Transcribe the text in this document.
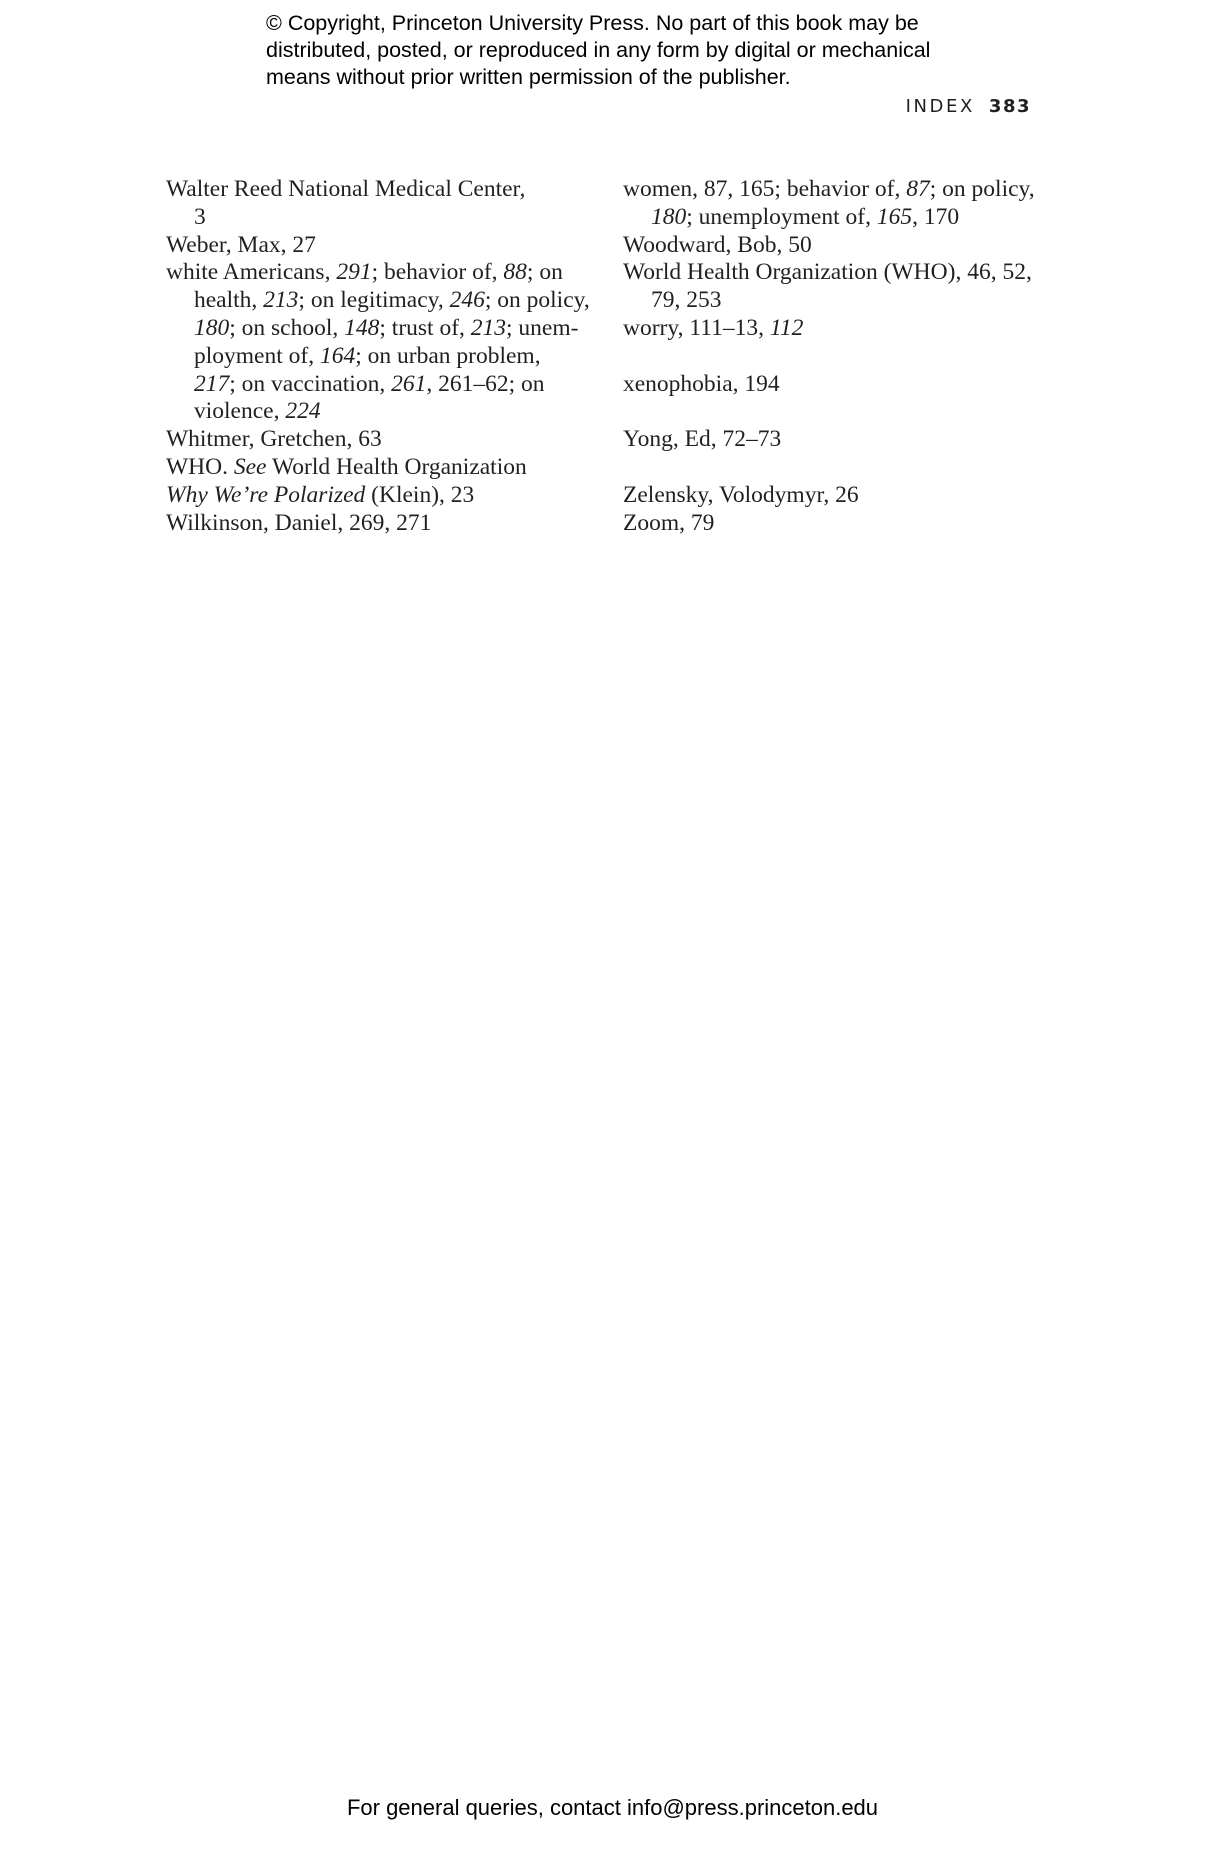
© Copyright, Princeton University Press. No part of this book may be
distributed, posted, or reproduced in any form by digital or mechanical
means without prior written permission of the publisher.
INDEX 383
Walter Reed National Medical Center,
3
Weber, Max, 27
white Americans, 291; behavior of, 88; on
health, 213; on legitimacy, 246; on policy,
180; on school, 148; trust of, 213; unem-
ployment of, 164; on urban problem,
217; on vaccination, 261, 261–62; on
violence, 224
Whitmer, Gretchen, 63
WHO. See World Health Organization
Why We’re Polarized (Klein), 23
Wilkinson, Daniel, 269, 271
women, 87, 165; behavior of, 87; on policy,
180; unemployment of, 165, 170
Woodward, Bob, 50
World Health Organization (WHO), 46, 52,
79, 253
worry, 111–13, 112
xenophobia, 194
Yong, Ed, 72–73
Zelensky, Volodymyr, 26
Zoom, 79
For general queries, contact info@press.princeton.edu
